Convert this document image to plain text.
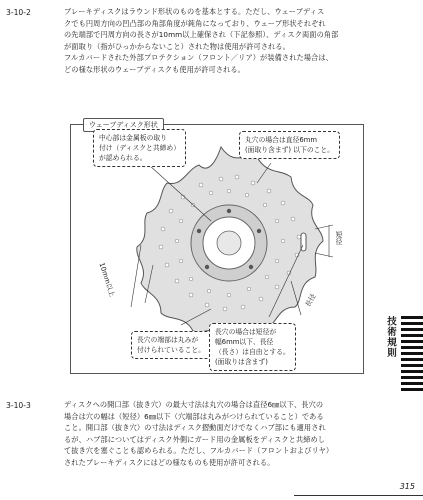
3-10-2	ブレーキディスクはラウンド形状のものを基本とする。ただし、ウェーブディス

クでも円周方向の凹凸部の角部角度が鈍角になっており、ウェーブ形状それぞれ

の先端部で円周方向の長さが10mm以上確保され（下記参照）、ディスク両面の角部

が面取り（指がひっかからないこと）された物は使用が許可される。

フルカバードされた外部プロテクション（フロント／リア）が装備された場合は、

どの様な形状のウェーブディスクも使用が許可される。

ウェーブディスク形状
中心部は金属板の取り
付け（ディスクと共締め）
が認められる。
丸穴の場合は直径6mm
(面取り含まず) 以下のこと。
長穴の端部は丸みが
付けられていること。
長穴の場合は短径が
幅6mm以下、長径
（長さ）は自由とする。
(面取りは含まず)
10mm以上
短径
長径
技術規則
3-10-3	ディスクへの開口部（抜き穴）の最大寸法は丸穴の場合は直径6㎜以下、長穴の

場合は穴の幅は（短径）6㎜以下（穴端部は丸みがつけられていること）である

こと。開口部（抜き穴）の寸法はディスク摺動面だけでなくハブ部にも適用され

るが、ハブ部についてはディスク外側にガード用の金属板をディスクと共締めし

て抜き穴を塞ぐことも認められる。ただし、フルカバード（フロントおよびリヤ）

されたブレーキディスクにはどの様なものも使用が許可される。

315
